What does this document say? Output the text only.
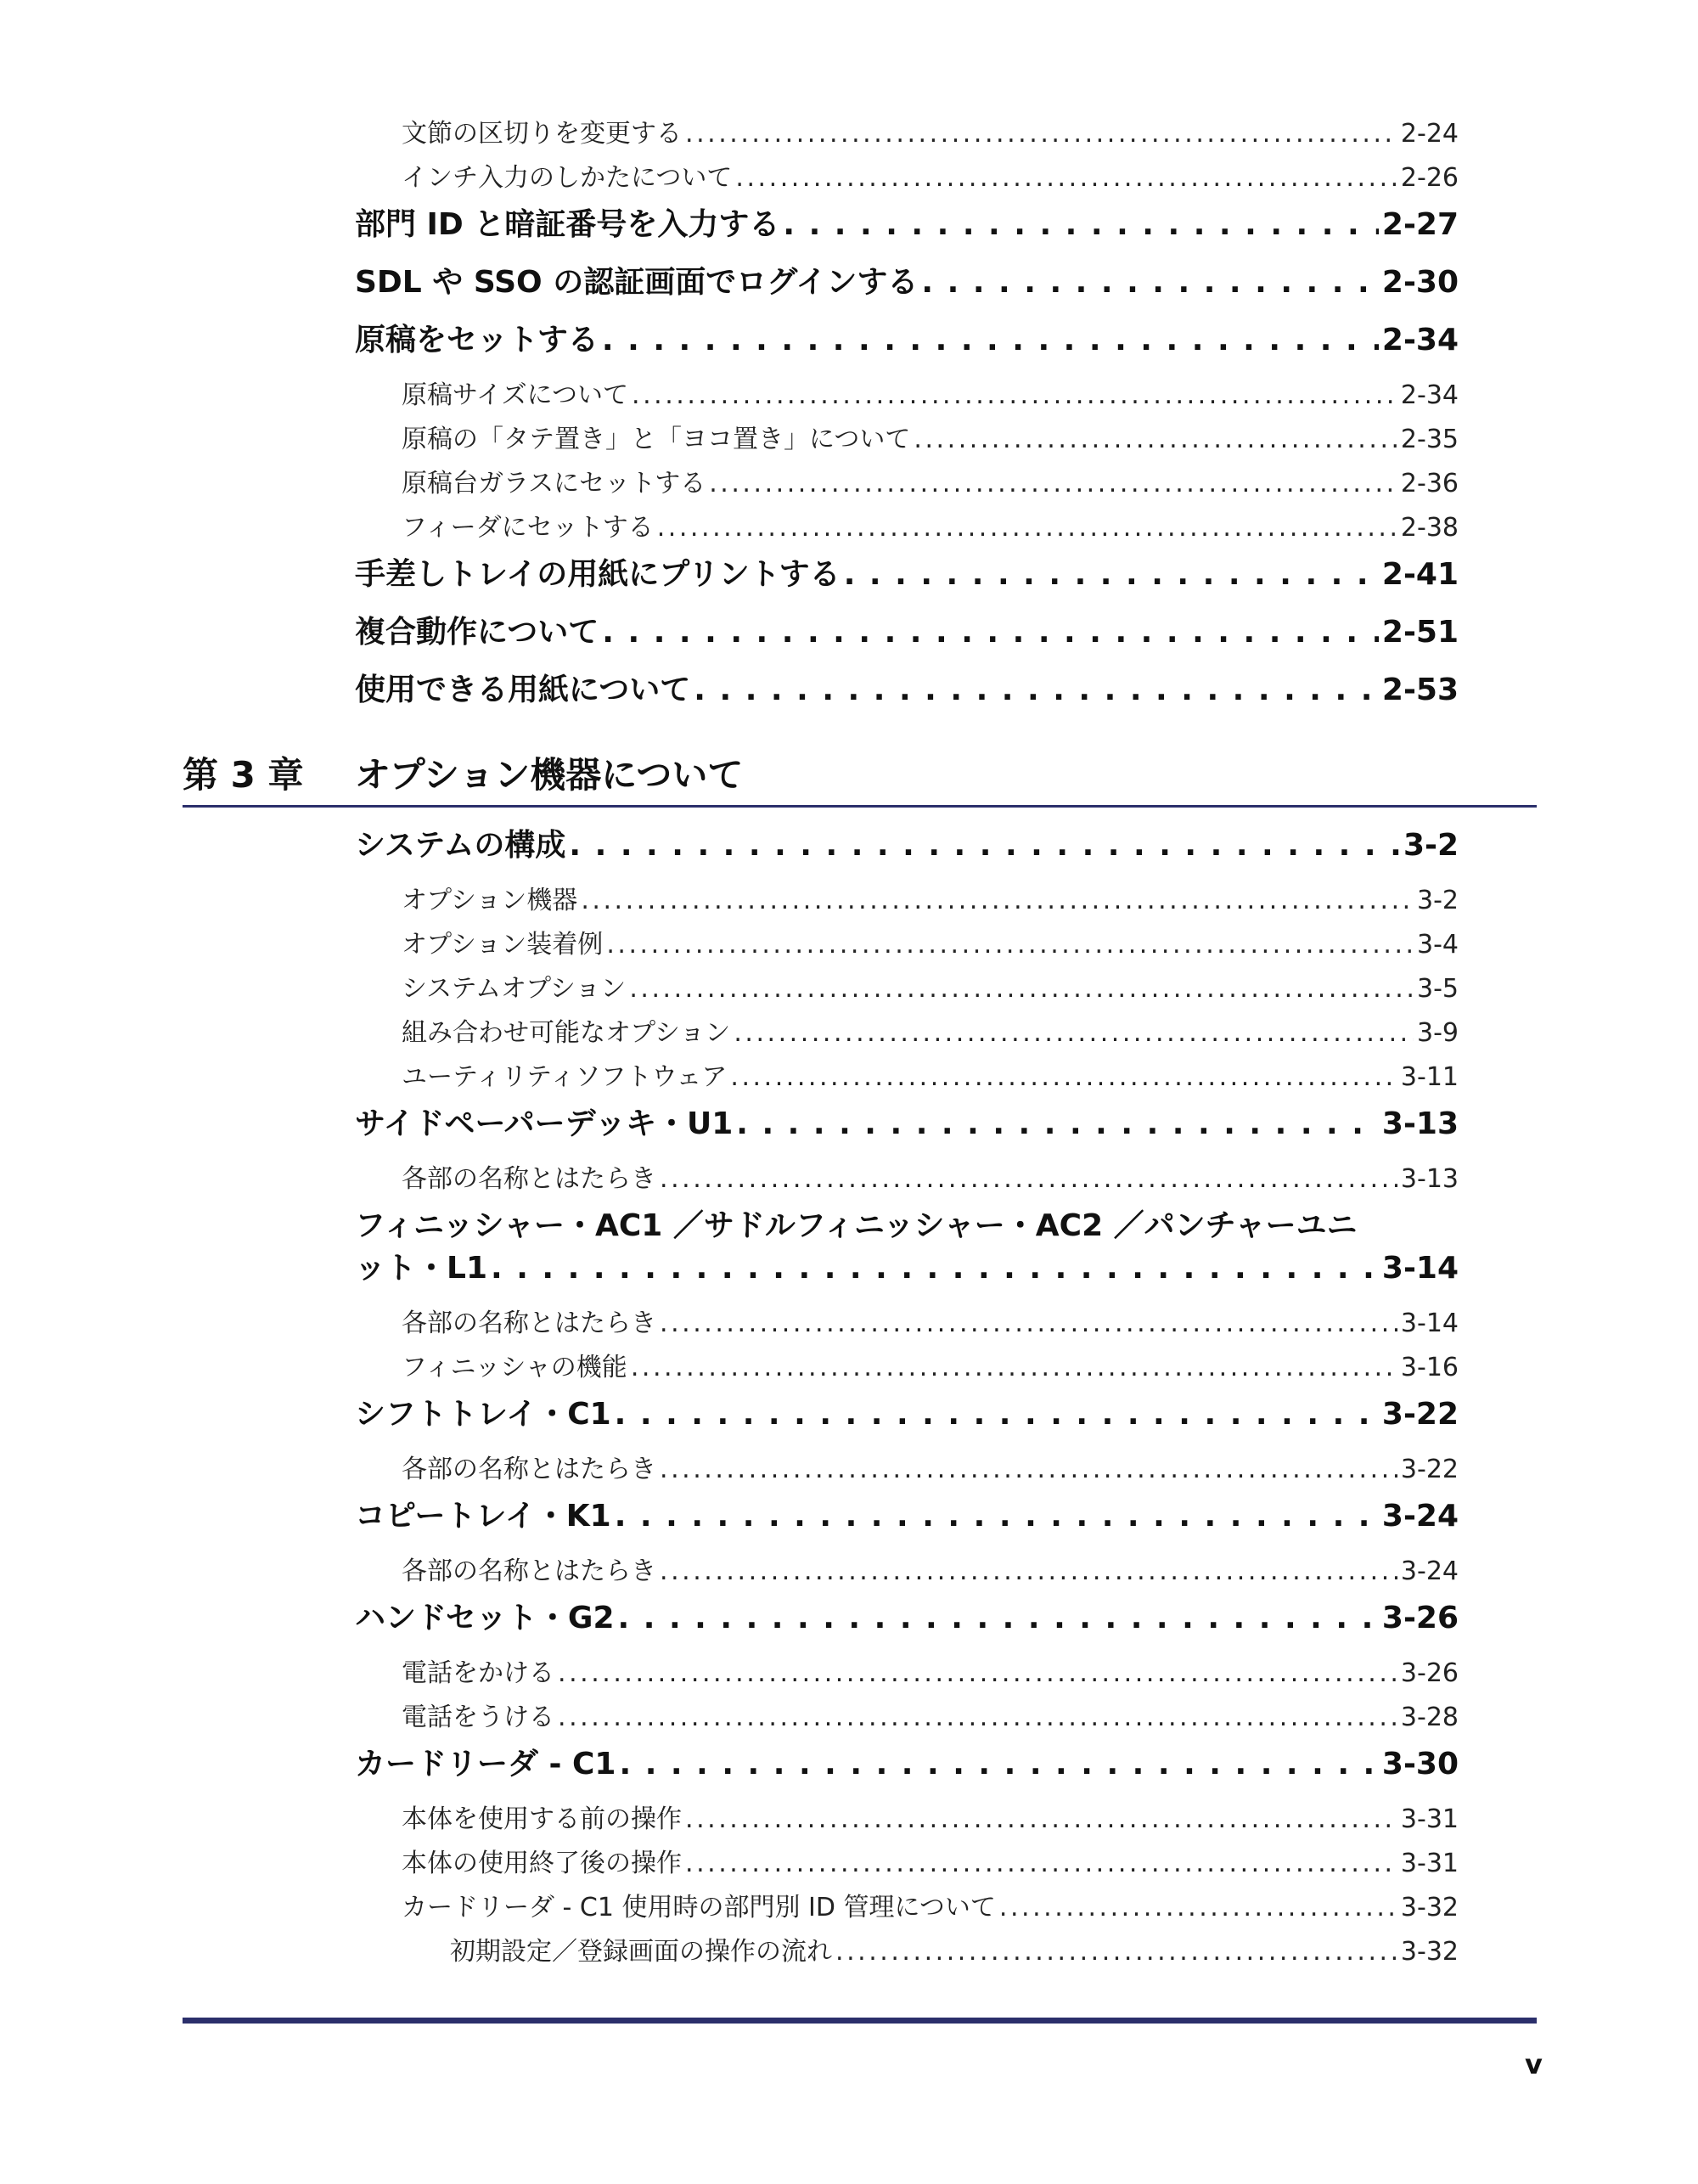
文節の区切りを変更する . . .	2-24
インチ入力のしかたについて . . .	2-26
部門 ID と暗証番号を入力する . . .	2-27
SDL や SSO の認証画面でログインする . . .	2-30
原稿をセットする . . .	2-34
原稿サイズについて . . .	2-34
原稿の「タテ置き」と「ヨコ置き」について . . .	2-35
原稿台ガラスにセットする . . .	2-36
フィーダにセットする . . .	2-38
手差しトレイの用紙にプリントする . . .	2-41
複合動作について . . .	2-51
使用できる用紙について . . .	2-53
第 3 章 オプション機器について
システムの構成 . . .	3-2
オプション機器 . . .	3-2
オプション装着例 . . .	3-4
システムオプション . . .	3-5
組み合わせ可能なオプション . . .	3-9
ユーティリティソフトウェア . . .	3-11
サイドペーパーデッキ・U1 . . .	3-13
各部の名称とはたらき . . .	3-13
フィニッシャー・AC1 ／サドルフィニッシャー・AC2 ／パンチャーユニ
ット・L1 . . .	3-14
各部の名称とはたらき . . .	3-14
フィニッシャの機能 . . .	3-16
シフトトレイ・C1 . . .	3-22
各部の名称とはたらき . . .	3-22
コピートレイ・K1 . . .	3-24
各部の名称とはたらき . . .	3-24
ハンドセット・G2 . . .	3-26
電話をかける . . .	3-26
電話をうける . . .	3-28
カードリーダ - C1 . . .	3-30
本体を使用する前の操作 . . .	3-31
本体の使用終了後の操作 . . .	3-31
カードリーダ - C1 使用時の部門別 ID 管理について . . .	3-32
初期設定／登録画面の操作の流れ . . .	3-32
v
